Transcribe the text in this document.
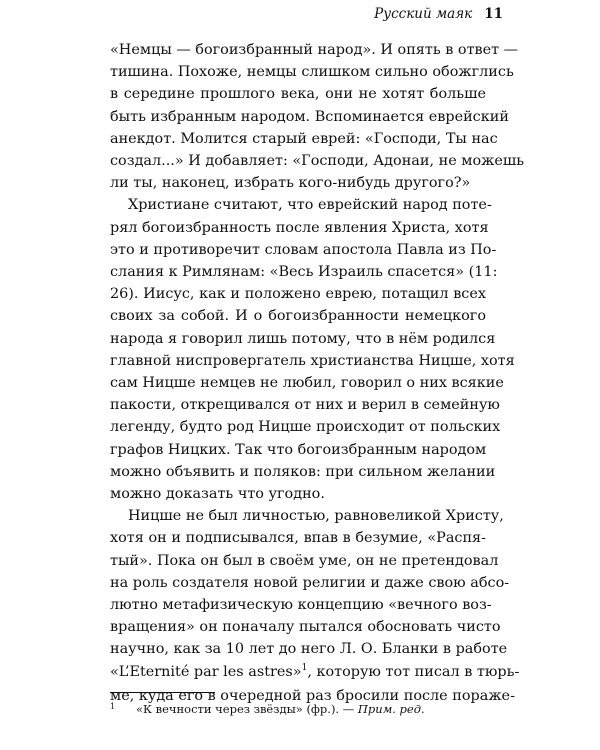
Русский маяк 11
«Немцы — богоизбранный народ». И опять в ответ —
тишина. Похоже, немцы слишком сильно обожглись
в середине прошлого века, они не хотят больше
быть избранным народом. Вспоминается еврейский
анекдот. Молится старый еврей: «Господи, Ты нас
создал...» И добавляет: «Господи, Адонаи, не можешь
ли ты, наконец, избрать кого-нибудь другого?»
Христиане считают, что еврейский народ поте-
рял богоизбранность после явления Христа, хотя
это и противоречит словам апостола Павла из По-
слания к Римлянам: «Весь Израиль спасется» (11:
26). Иисус, как и положено еврею, потащил всех
своих за собой. И о богоизбранности немецкого
народа я говорил лишь потому, что в нём родился
главной ниспровергатель христианства Ницше, хотя
сам Ницше немцев не любил, говорил о них всякие
пакости, открещивался от них и верил в семейную
легенду, будто род Ницше происходит от польских
графов Ницких. Так что богоизбранным народом
можно объявить и поляков: при сильном желании
можно доказать что угодно.
Ницше не был личностью, равновеликой Христу,
хотя он и подписывался, впав в безумие, «Распя-
тый». Пока он был в своём уме, он не претендовал
на роль создателя новой религии и даже свою абсо-
лютно метафизическую концепцию «вечного воз-
вращения» он поначалу пытался обосновать чисто
научно, как за 10 лет до него Л. О. Бланки в работе
«L’Eternité par les astres»$^1$, которую тот писал в тюрь-
ме, куда его в очередной раз бросили после пораже-
1	«К вечности через звёзды» (фр.). — Прим. ред.
